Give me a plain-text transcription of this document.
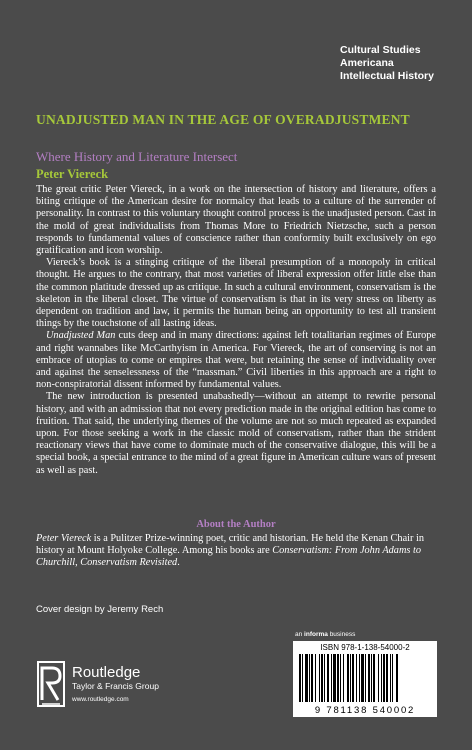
Cultural Studies
Americana
Intellectual History
UNADJUSTED MAN IN THE AGE OF OVERADJUSTMENT
Where History and Literature Intersect
Peter Viereck

The great critic Peter Viereck, in a work on the intersection of history and literature, offers a biting critique of the American desire for normalcy that leads to a culture of the surrender of personality. In contrast to this voluntary thought control process is the unadjusted person. Cast in the mold of great individualists from Thomas More to Friedrich Nietzsche, such a person responds to fundamental values of conscience rather than conformity built exclusively on ego gratification and icon worship.

Viereck’s book is a stinging critique of the liberal presumption of a monopoly in critical thought. He argues to the contrary, that most varieties of liberal expression offer little else than the common platitude dressed up as critique. In such a cultural environment, conservatism is the skeleton in the liberal closet. The virtue of conservatism is that in its very stress on liberty as dependent on tradition and law, it permits the human being an opportunity to test all transient things by the touchstone of all lasting ideas.

Unadjusted Man cuts deep and in many directions: against left totalitarian regimes of Europe and right wannabes like McCarthyism in America. For Viereck, the art of conserving is not an embrace of utopias to come or empires that were, but retaining the sense of individuality over and against the senselessness of the “massman.” Civil liberties in this approach are a right to non-conspiratorial dissent informed by fundamental values.

The new introduction is presented unabashedly—without an attempt to rewrite personal history, and with an admission that not every prediction made in the original edition has come to fruition. That said, the underlying themes of the volume are not so much repeated as expanded upon. For those seeking a work in the classic mold of conservatism, rather than the strident reactionary views that have come to dominate much of the conservative dialogue, this will be a special book, a special entrance to the mind of a great figure in American culture wars of present as well as past.

About the Author
Peter Viereck is a Pulitzer Prize-winning poet, critic and historian. He held the Kenan Chair in history at Mount Holyoke College. Among his books are Conservatism: From John Adams to Churchill, Conservatism Revisited.
Cover design by Jeremy Rech
an informa business
ISBN 978-1-138-54000-2
9 781138 540002
Routledge
Taylor & Francis Group
www.routledge.com
